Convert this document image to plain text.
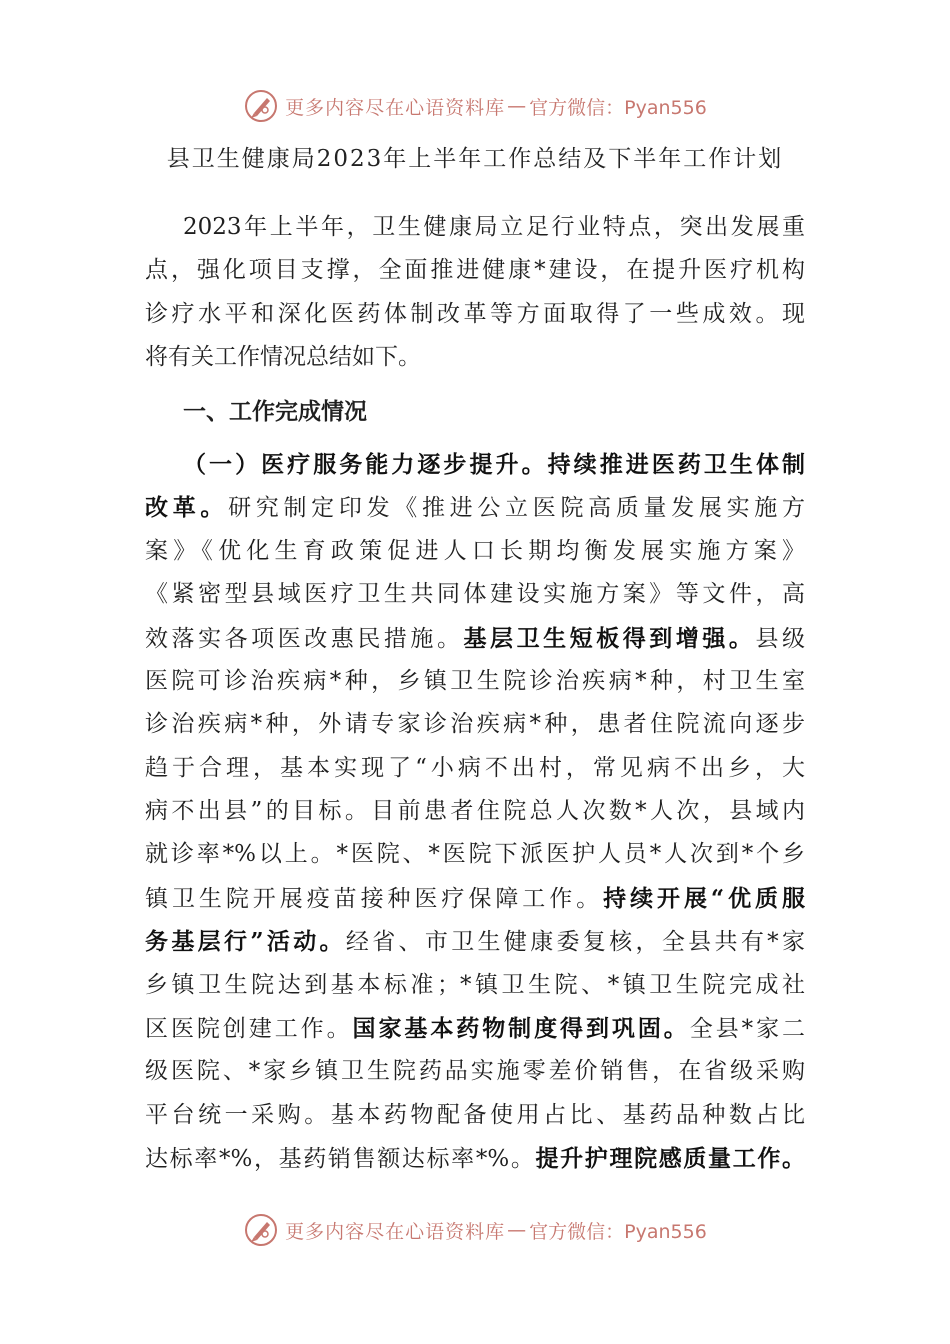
更多内容尽在心语资料库 — 官方微信：Pyan556
县卫生健康局2023年上半年工作总结及下半年工作计划
2023年上半年，卫生健康局立足行业特点，突出发展重
点，强化项目支撑，全面推进健康*建设，在提升医疗机构
诊疗水平和深化医药体制改革等方面取得了一些成效。现
将有关工作情况总结如下。
一、工作完成情况
（一）医疗服务能力逐步提升。持续推进医药卫生体制
改革。研究制定印发《推进公立医院高质量发展实施方
案》《优化生育政策促进人口长期均衡发展实施方案》
《紧密型县域医疗卫生共同体建设实施方案》等文件，高
效落实各项医改惠民措施。基层卫生短板得到增强。县级
医院可诊治疾病*种，乡镇卫生院诊治疾病*种，村卫生室
诊治疾病*种，外请专家诊治疾病*种，患者住院流向逐步
趋于合理，基本实现了“小病不出村，常见病不出乡，大
病不出县”的目标。目前患者住院总人次数*人次，县域内
就诊率*%以上。*医院、*医院下派医护人员*人次到*个乡
镇卫生院开展疫苗接种医疗保障工作。持续开展“优质服
务基层行”活动。经省、市卫生健康委复核，全县共有*家
乡镇卫生院达到基本标准；*镇卫生院、*镇卫生院完成社
区医院创建工作。国家基本药物制度得到巩固。全县*家二
级医院、*家乡镇卫生院药品实施零差价销售，在省级采购
平台统一采购。基本药物配备使用占比、基药品种数占比
达标率*%，基药销售额达标率*%。提升护理院感质量工作。
更多内容尽在心语资料库 — 官方微信：Pyan556
